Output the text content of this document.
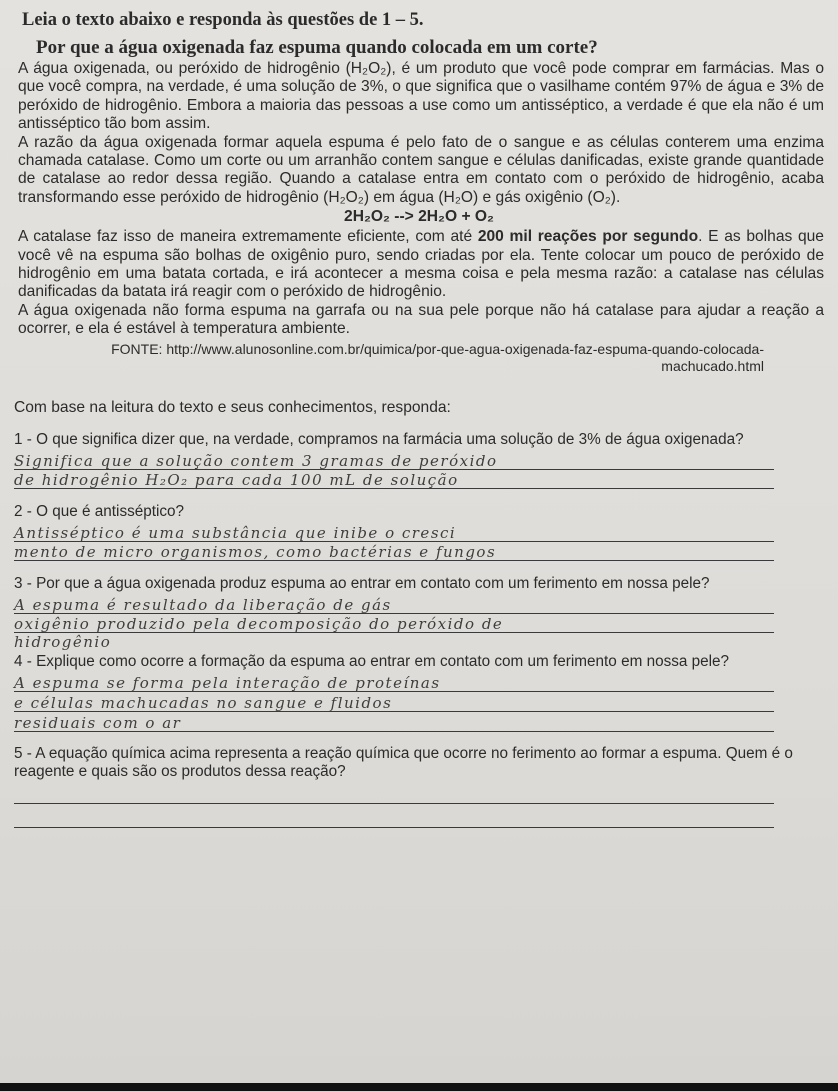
Leia o texto abaixo e responda às questões de 1 – 5.
Por que a água oxigenada faz espuma quando colocada em um corte?

A água oxigenada, ou peróxido de hidrogênio (H₂O₂), é um produto que você pode comprar em farmácias. Mas o que você compra, na verdade, é uma solução de 3%, o que significa que o vasilhame contém 97% de água e 3% de peróxido de hidrogênio. Embora a maioria das pessoas a use como um antisséptico, a verdade é que ela não é um antisséptico tão bom assim.

A razão da água oxigenada formar aquela espuma é pelo fato de o sangue e as células conterem uma enzima chamada catalase. Como um corte ou um arranhão contem sangue e células danificadas, existe grande quantidade de catalase ao redor dessa região. Quando a catalase entra em contato com o peróxido de hidrogênio, acaba transformando esse peróxido de hidrogênio (H₂O₂) em água (H₂O) e gás oxigênio (O₂).

2H₂O₂ --> 2H₂O + O₂

A catalase faz isso de maneira extremamente eficiente, com até 200 mil reações por segundo. E as bolhas que você vê na espuma são bolhas de oxigênio puro, sendo criadas por ela. Tente colocar um pouco de peróxido de hidrogênio em uma batata cortada, e irá acontecer a mesma coisa e pela mesma razão: a catalase nas células danificadas da batata irá reagir com o peróxido de hidrogênio.

A água oxigenada não forma espuma na garrafa ou na sua pele porque não há catalase para ajudar a reação a ocorrer, e ela é estável à temperatura ambiente.

FONTE: http://www.alunosonline.com.br/quimica/por-que-agua-oxigenada-faz-espuma-quando-colocada-
machucado.html

Com base na leitura do texto e seus conhecimentos, responda:

1 - O que significa dizer que, na verdade, compramos na farmácia uma solução de 3% de água oxigenada?

Significa que a solução contem 3 gramas de peróxido
de hidrogênio H₂O₂ para cada 100 mL de solução

2 - O que é antisséptico?

Antisséptico é uma substância que inibe o cresci
mento de micro organismos, como bactérias e fungos

3 - Por que a água oxigenada produz espuma ao entrar em contato com um ferimento em nossa pele?

A espuma é resultado da liberação de gás
oxigênio produzido pela decomposição do peróxido de
hidrogênio

4 - Explique como ocorre a formação da espuma ao entrar em contato com um ferimento em nossa pele?

A espuma se forma pela interação de proteínas
e células machucadas no sangue e fluidos
residuais com o ar

5 - A equação química acima representa a reação química que ocorre no ferimento ao formar a espuma. Quem é o reagente e quais são os produtos dessa reação?
